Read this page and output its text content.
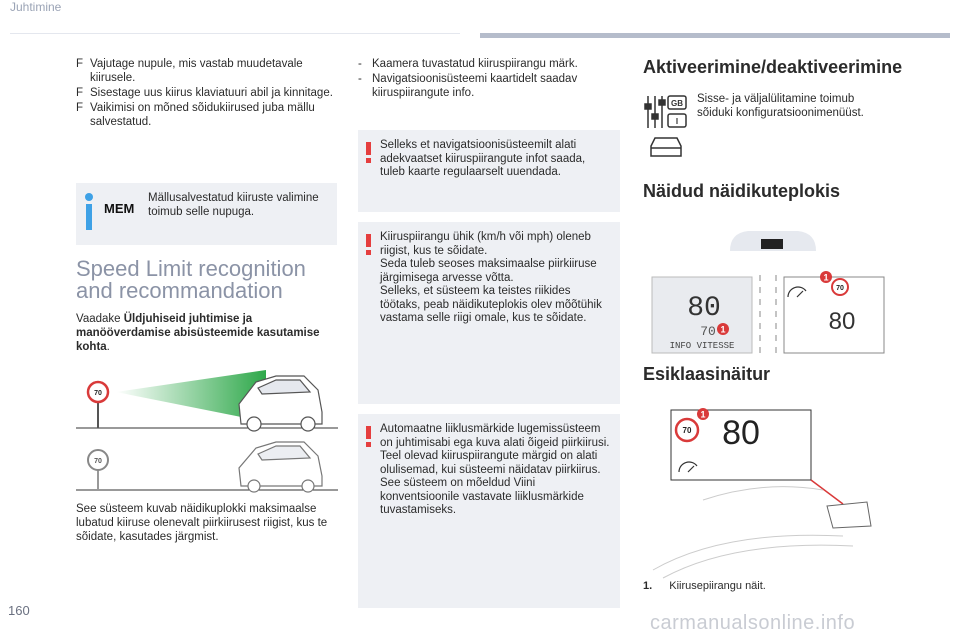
Juhtimine
F Vajutage nupule, mis vastab muudetavale kiirusele.
F Sisestage uus kiirus klaviatuuri abil ja kinnitage.
F Vaikimisi on mõned sõidukiirused juba mällu salvestatud.
MEM
Mällusalvestatud kiiruste valimine toimub selle nupuga.
Speed Limit recognition and recommandation
Vaadake Üldjuhiseid juhtimise ja manööverdamise abisüsteemide kasutamise kohta.
70
70
See süsteem kuvab näidikuplokki maksimaalse lubatud kiiruse olenevalt piirkiirusest riigist, kus te sõidate, kasutades järgmist.
- Kaamera tuvastatud kiiruspiirangu märk.
- Navigatsioonisüsteemi kaartidelt saadav kiiruspiirangute info.
Selleks et navigatsioonisüsteemilt alati adekvaatset kiiruspiirangute infot saada, tuleb kaarte regulaarselt uuendada.
Kiiruspiirangu ühik (km/h või mph) oleneb riigist, kus te sõidate.
Seda tuleb seoses maksimaalse piirkiiruse järgimisega arvesse võtta.
Selleks, et süsteem ka teistes riikides töötaks, peab näidikuteplokis olev mõõtühik vastama selle riigi omale, kus te sõidate.
Automaatne liiklusmärkide lugemissüsteem on juhtimisabi ega kuva alati õigeid piirkiirusi.
Teel olevad kiiruspiirangute märgid on alati olulisemad, kui süsteemi näidatav piirkiirus.
See süsteem on mõeldud Viini konventsioonile vastavate liiklusmärkide tuvastamiseks.
Aktiveerimine/deaktiveerimine
GB
I
Sisse- ja väljalülitamine toimub sõiduki konfiguratsioonimenüüst.
Näidud näidikuteplokis
80
70
INFO VITESSE
1
70
1
80
Esiklaasinäitur
70
1 80
1. Kiirusepiirangu näit.
160
carmanualsonline.info
